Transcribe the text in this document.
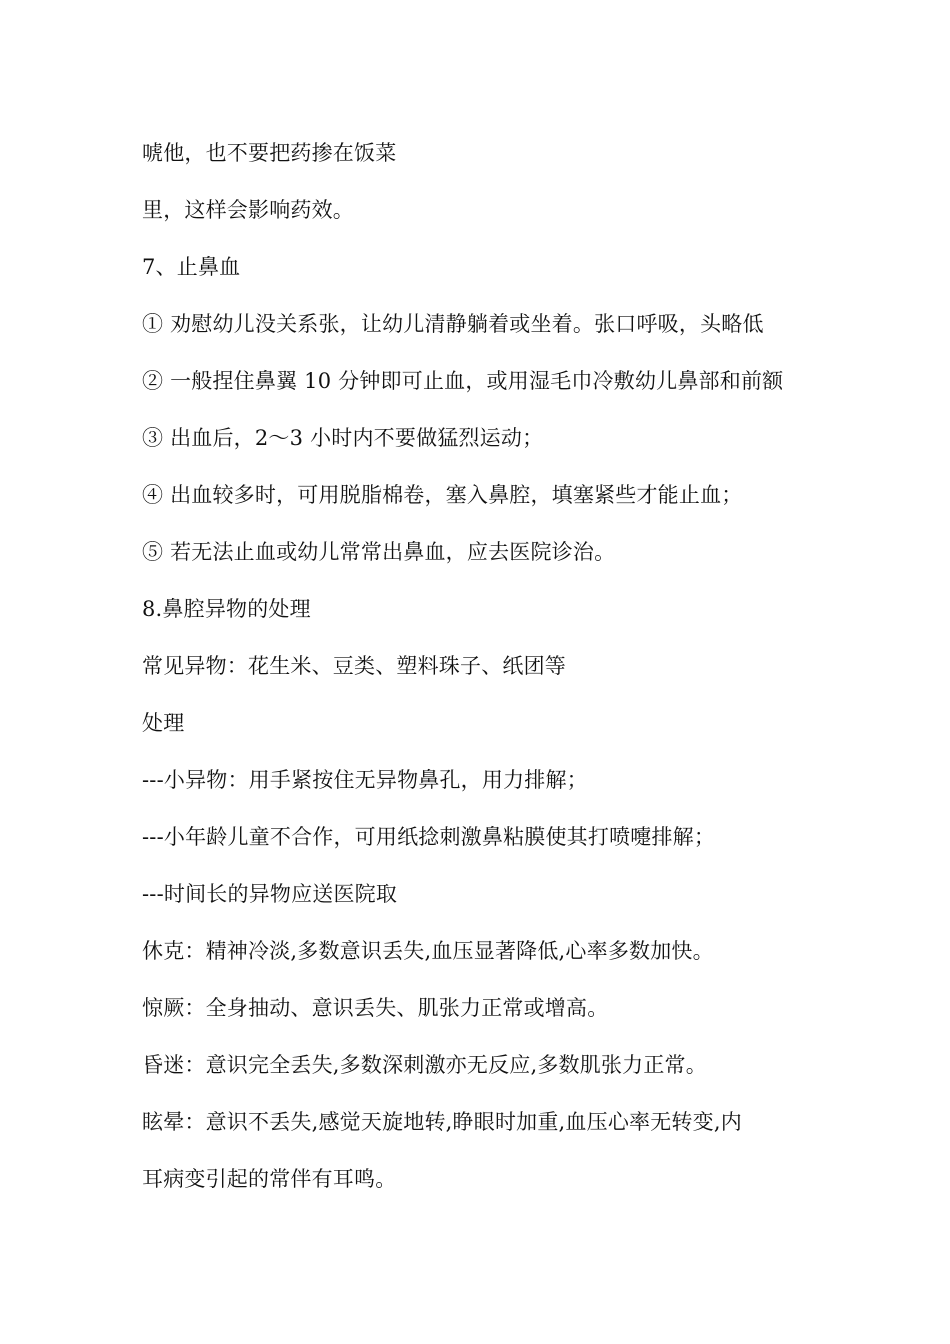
唬他，也不要把药掺在饭菜
里，这样会影响药效。
7、止鼻血
① 劝慰幼儿没关系张，让幼儿清静躺着或坐着。张口呼吸，头略低
② 一般捏住鼻翼 10 分钟即可止血，或用湿毛巾冷敷幼儿鼻部和前额
③ 出血后，2～3 小时内不要做猛烈运动；
④ 出血较多时，可用脱脂棉卷，塞入鼻腔，填塞紧些才能止血；
⑤ 若无法止血或幼儿常常出鼻血，应去医院诊治。
8.鼻腔异物的处理
常见异物：花生米、豆类、塑料珠子、纸团等
处理
---小异物：用手紧按住无异物鼻孔，用力排解；
---小年龄儿童不合作，可用纸捻刺激鼻粘膜使其打喷嚏排解；
---时间长的异物应送医院取
休克：精神冷淡,多数意识丢失,血压显著降低,心率多数加快。
惊厥：全身抽动、意识丢失、肌张力正常或增高。
昏迷：意识完全丢失,多数深刺激亦无反应,多数肌张力正常。
眩晕：意识不丢失,感觉天旋地转,睁眼时加重,血压心率无转变,内
耳病变引起的常伴有耳鸣。
